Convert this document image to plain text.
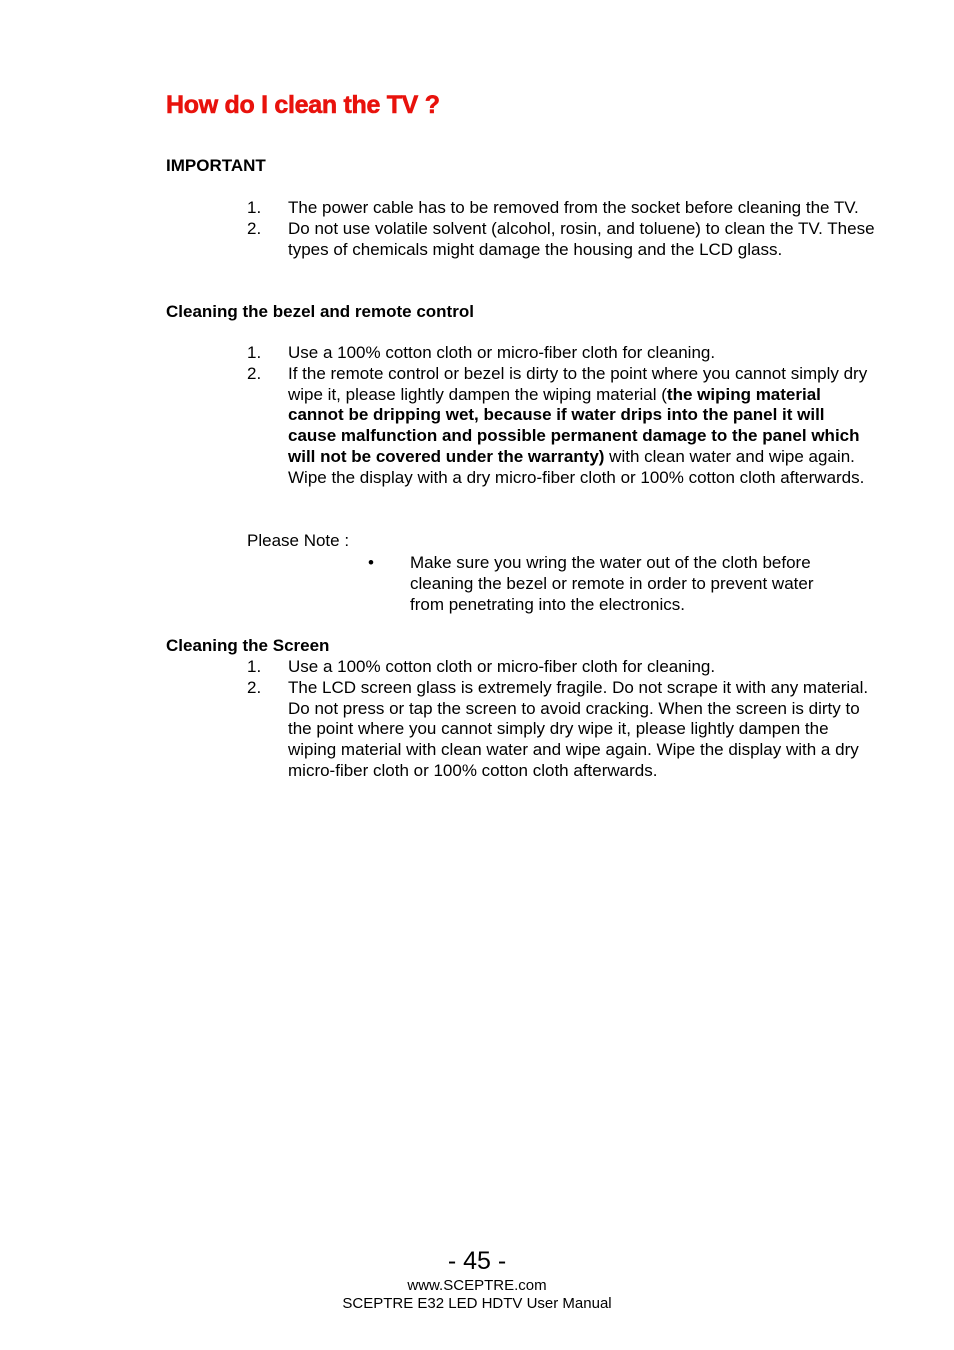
How do I clean the TV ?
IMPORTANT
1. The power cable has to be removed from the socket before cleaning the TV.
2. Do not use volatile solvent (alcohol, rosin, and toluene) to clean the TV. These types of chemicals might damage the housing and the LCD glass.
Cleaning the bezel and remote control
1. Use a 100% cotton cloth or micro-fiber cloth for cleaning.
2. If the remote control or bezel is dirty to the point where you cannot simply dry wipe it, please lightly dampen the wiping material (the wiping material cannot be dripping wet, because if water drips into the panel it will cause malfunction and possible permanent damage to the panel which will not be covered under the warranty) with clean water and wipe again. Wipe the display with a dry micro-fiber cloth or 100% cotton cloth afterwards.

Please Note :

• Make sure you wring the water out of the cloth before cleaning the bezel or remote in order to prevent water from penetrating into the electronics.
Cleaning the Screen
1. Use a 100% cotton cloth or micro-fiber cloth for cleaning.
2. The LCD screen glass is extremely fragile. Do not scrape it with any material. Do not press or tap the screen to avoid cracking. When the screen is dirty to the point where you cannot simply dry wipe it, please lightly dampen the wiping material with clean water and wipe again. Wipe the display with a dry micro-fiber cloth or 100% cotton cloth afterwards.

- 45 -

www.SCEPTRE.com

SCEPTRE E32 LED HDTV User Manual
